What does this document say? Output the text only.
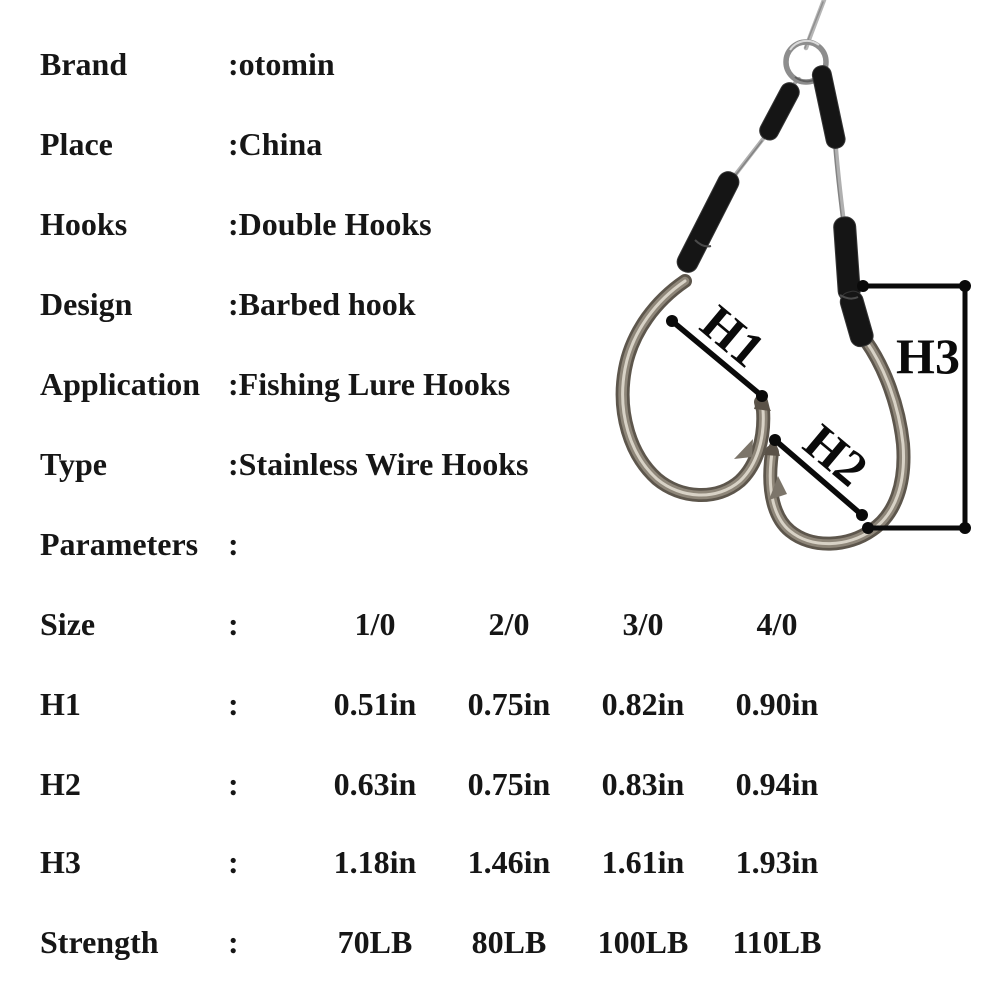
Brand	:otomin
Place	:China
Hooks	:Double Hooks
Design	:Barbed hook
Application :Fishing Lure Hooks
Type	:Stainless Wire Hooks
Parameters :
Size	:	1/0	2/0	3/0	4/0
H1	:	0.51in	0.75in	0.82in	0.90in
H2	:	0.63in	0.75in	0.83in	0.94in
H3	:	1.18in	1.46in	1.61in	1.93in
Strength	:	70LB	80LB	100LB	110LB
H1
H2
H3
